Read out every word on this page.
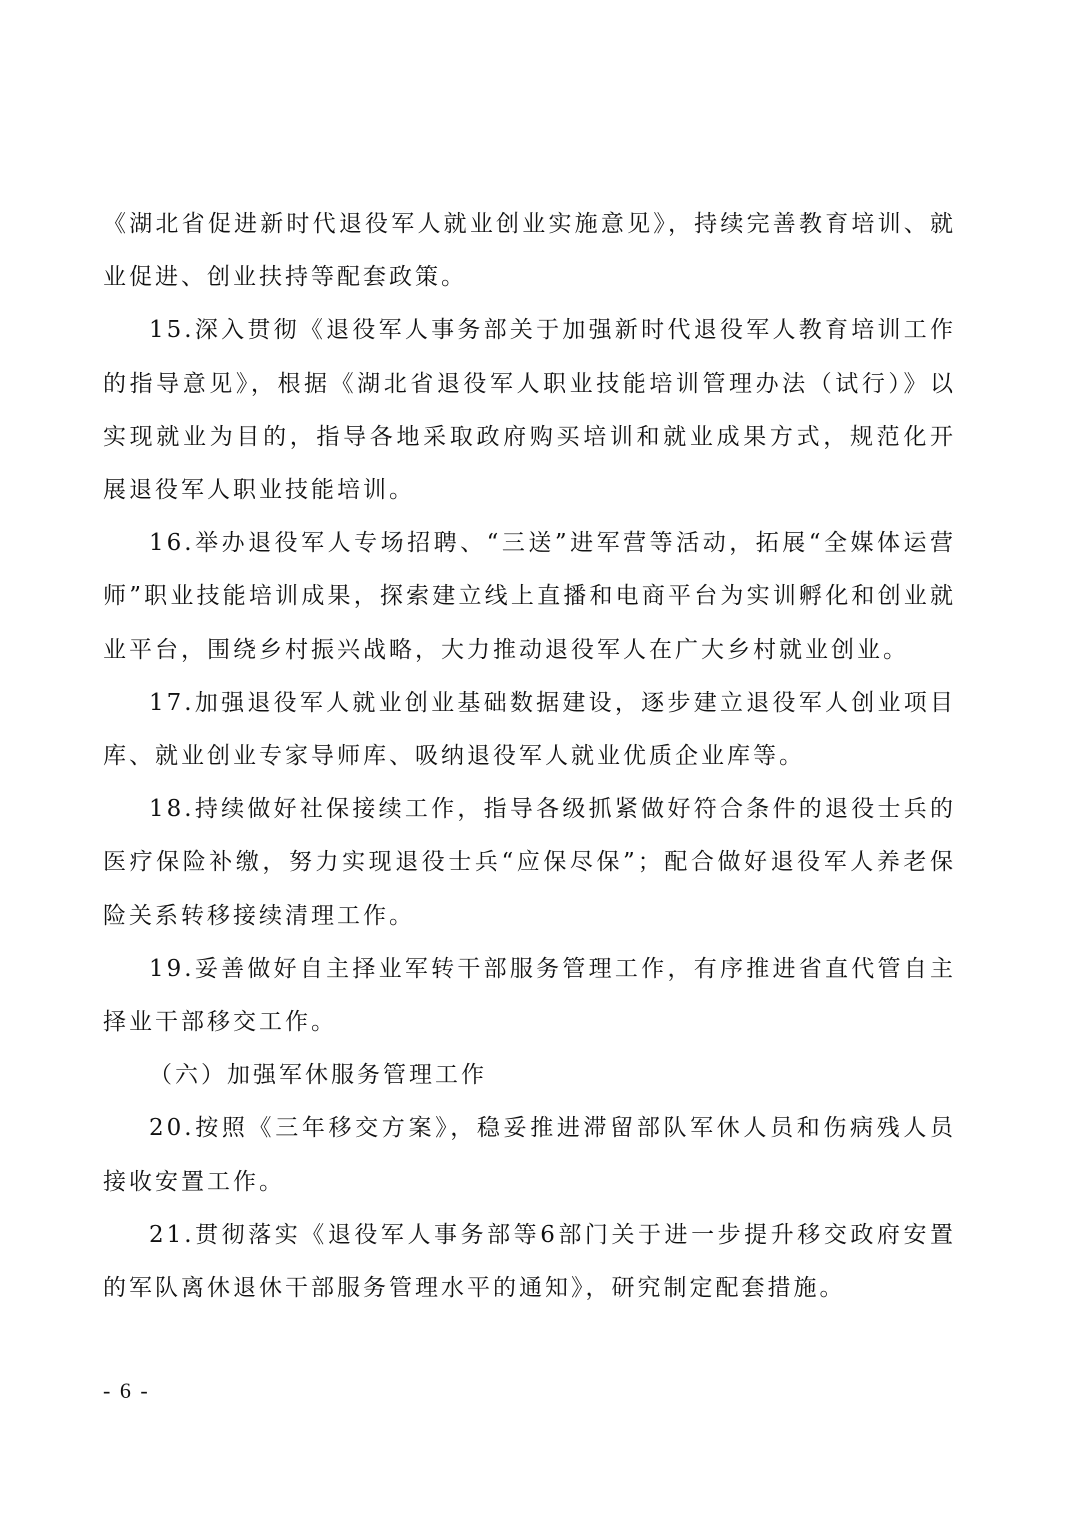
《湖北省促进新时代退役军人就业创业实施意见》，持续完善教育培训、就业促进、创业扶持等配套政策。

15.深入贯彻《退役军人事务部关于加强新时代退役军人教育培训工作的指导意见》，根据《湖北省退役军人职业技能培训管理办法（试行）》以实现就业为目的，指导各地采取政府购买培训和就业成果方式，规范化开展退役军人职业技能培训。

16.举办退役军人专场招聘、“三送”进军营等活动，拓展“全媒体运营师”职业技能培训成果，探索建立线上直播和电商平台为实训孵化和创业就业平台，围绕乡村振兴战略，大力推动退役军人在广大乡村就业创业。

17.加强退役军人就业创业基础数据建设，逐步建立退役军人创业项目库、就业创业专家导师库、吸纳退役军人就业优质企业库等。

18.持续做好社保接续工作，指导各级抓紧做好符合条件的退役士兵的医疗保险补缴，努力实现退役士兵“应保尽保”；配合做好退役军人养老保险关系转移接续清理工作。

19.妥善做好自主择业军转干部服务管理工作，有序推进省直代管自主择业干部移交工作。

（六）加强军休服务管理工作

20.按照《三年移交方案》，稳妥推进滞留部队军休人员和伤病残人员接收安置工作。

21.贯彻落实《退役军人事务部等6部门关于进一步提升移交政府安置的军队离休退休干部服务管理水平的通知》，研究制定配套措施。

- 6 -
